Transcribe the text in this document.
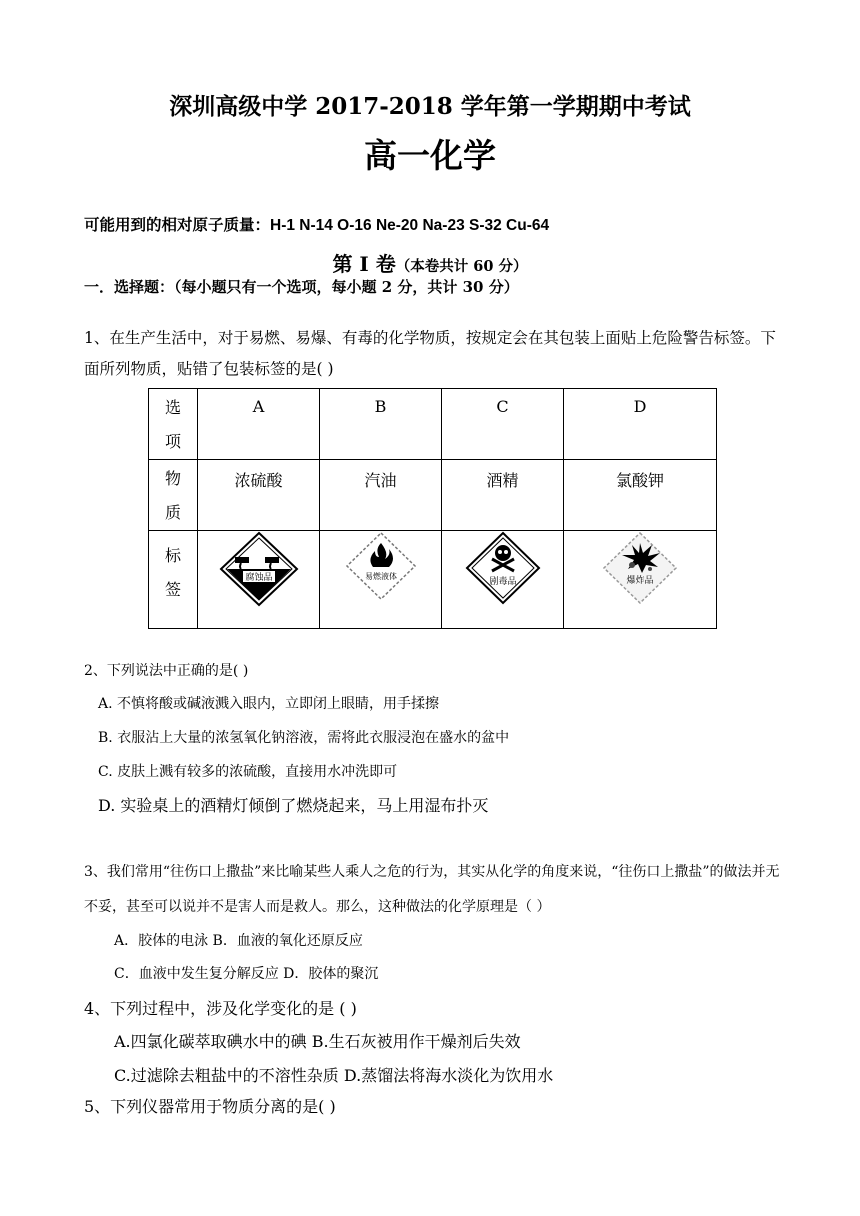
深圳高级中学 2017-2018 学年第一学期期中考试
高一化学
可能用到的相对原子质量：H-1 N-14 O-16 Ne-20 Na-23 S-32 Cu-64
第 I 卷（本卷共计 60 分）
一．选择题：（每小题只有一个选项，每小题 2 分，共计 30 分）
1、在生产生活中，对于易燃、易爆、有毒的化学物质，按规定会在其包装上面贴上危险警告标签。下面所列物质，贴错了包装标签的是( )
选
项	A	B	C	D

物
质	浓硫酸	汽油	酒精	氯酸钾

标
签	腐蚀品	易燃液体	剧毒品	爆炸品
2、下列说法中正确的是( )
A. 不慎将酸或碱液溅入眼内，立即闭上眼睛，用手揉擦
B. 衣服沾上大量的浓氢氧化钠溶液，需将此衣服浸泡在盛水的盆中
C. 皮肤上溅有较多的浓硫酸，直接用水冲洗即可
D. 实验桌上的酒精灯倾倒了燃烧起来，马上用湿布扑灭
3、我们常用“往伤口上撒盐”来比喻某些人乘人之危的行为，其实从化学的角度来说，“往伤口上撒盐”的做法并无不妥，甚至可以说并不是害人而是救人。那么，这种做法的化学原理是（ ）
A．胶体的电泳 B．血液的氧化还原反应
C．血液中发生复分解反应 D．胶体的聚沉
4、下列过程中，涉及化学变化的是 ( )
A.四氯化碳萃取碘水中的碘 B.生石灰被用作干燥剂后失效
C.过滤除去粗盐中的不溶性杂质 D.蒸馏法将海水淡化为饮用水
5、下列仪器常用于物质分离的是( )
